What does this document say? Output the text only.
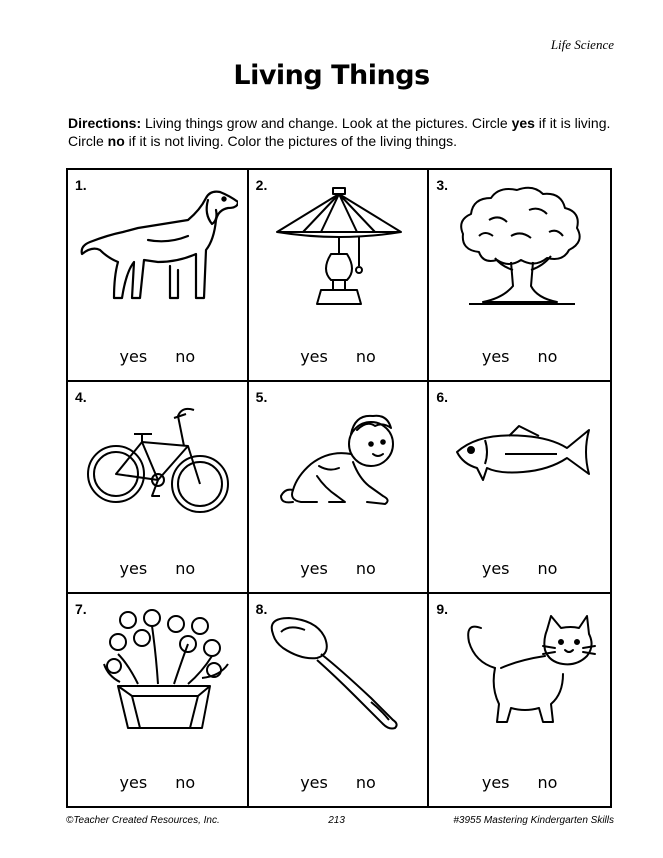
Life Science
Living Things
Directions: Living things grow and change. Look at the pictures. Circle yes if it is living. Circle no if it is not living. Color the pictures of the living things.
1.
yes no
2.
yes no
3.
yes no
4.
yes no
5.
yes no
6.
yes no
7.
yes no
8.
yes no
9.
yes no
©Teacher Created Resources, Inc.	213	#3955 Mastering Kindergarten Skills
